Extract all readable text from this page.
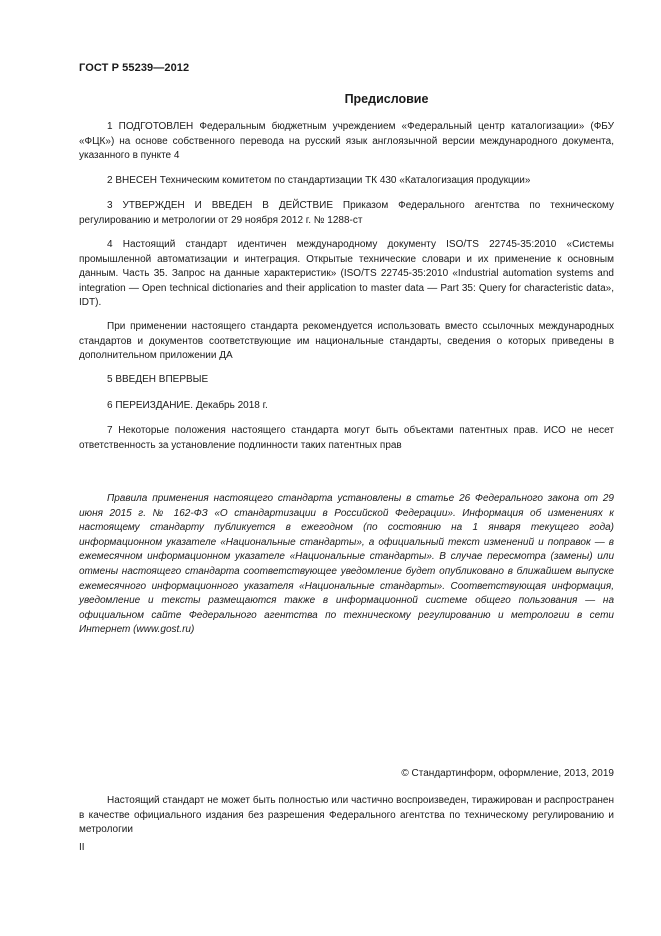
ГОСТ Р 55239—2012
Предисловие

1 ПОДГОТОВЛЕН Федеральным бюджетным учреждением «Федеральный центр каталогизации» (ФБУ «ФЦК») на основе собственного перевода на русский язык англоязычной версии международного документа, указанного в пункте 4

2 ВНЕСЕН Техническим комитетом по стандартизации ТК 430 «Каталогизация продукции»

3 УТВЕРЖДЕН И ВВЕДЕН В ДЕЙСТВИЕ Приказом Федерального агентства по техническому регулированию и метрологии от 29 ноября 2012 г. № 1288-ст

4 Настоящий стандарт идентичен международному документу ISO/TS 22745-35:2010 «Системы промышленной автоматизации и интеграция. Открытые технические словари и их применение к основным данным. Часть 35. Запрос на данные характеристик» (ISO/TS 22745-35:2010 «Industrial automation systems and integration — Open technical dictionaries and their application to master data — Part 35: Query for characteristic data», IDT).

При применении настоящего стандарта рекомендуется использовать вместо ссылочных международных стандартов и документов соответствующие им национальные стандарты, сведения о которых приведены в дополнительном приложении ДА

5 ВВЕДЕН ВПЕРВЫЕ

6 ПЕРЕИЗДАНИЕ. Декабрь 2018 г.

7 Некоторые положения настоящего стандарта могут быть объектами патентных прав. ИСО не несет ответственность за установление подлинности таких патентных прав

Правила применения настоящего стандарта установлены в статье 26 Федерального закона от 29 июня 2015 г. № 162-ФЗ «О стандартизации в Российской Федерации». Информация об изменениях к настоящему стандарту публикуется в ежегодном (по состоянию на 1 января текущего года) информационном указателе «Национальные стандарты», а официальный текст изменений и поправок — в ежемесячном информационном указателе «Национальные стандарты». В случае пересмотра (замены) или отмены настоящего стандарта соответствующее уведомление будет опубликовано в ближайшем выпуске ежемесячного информационного указателя «Национальные стандарты». Соответствующая информация, уведомление и тексты размещаются также в информационной системе общего пользования — на официальном сайте Федерального агентства по техническому регулированию и метрологии в сети Интернет (www.gost.ru)

© Стандартинформ, оформление, 2013, 2019

Настоящий стандарт не может быть полностью или частично воспроизведен, тиражирован и распространен в качестве официального издания без разрешения Федерального агентства по техническому регулированию и метрологии

II
